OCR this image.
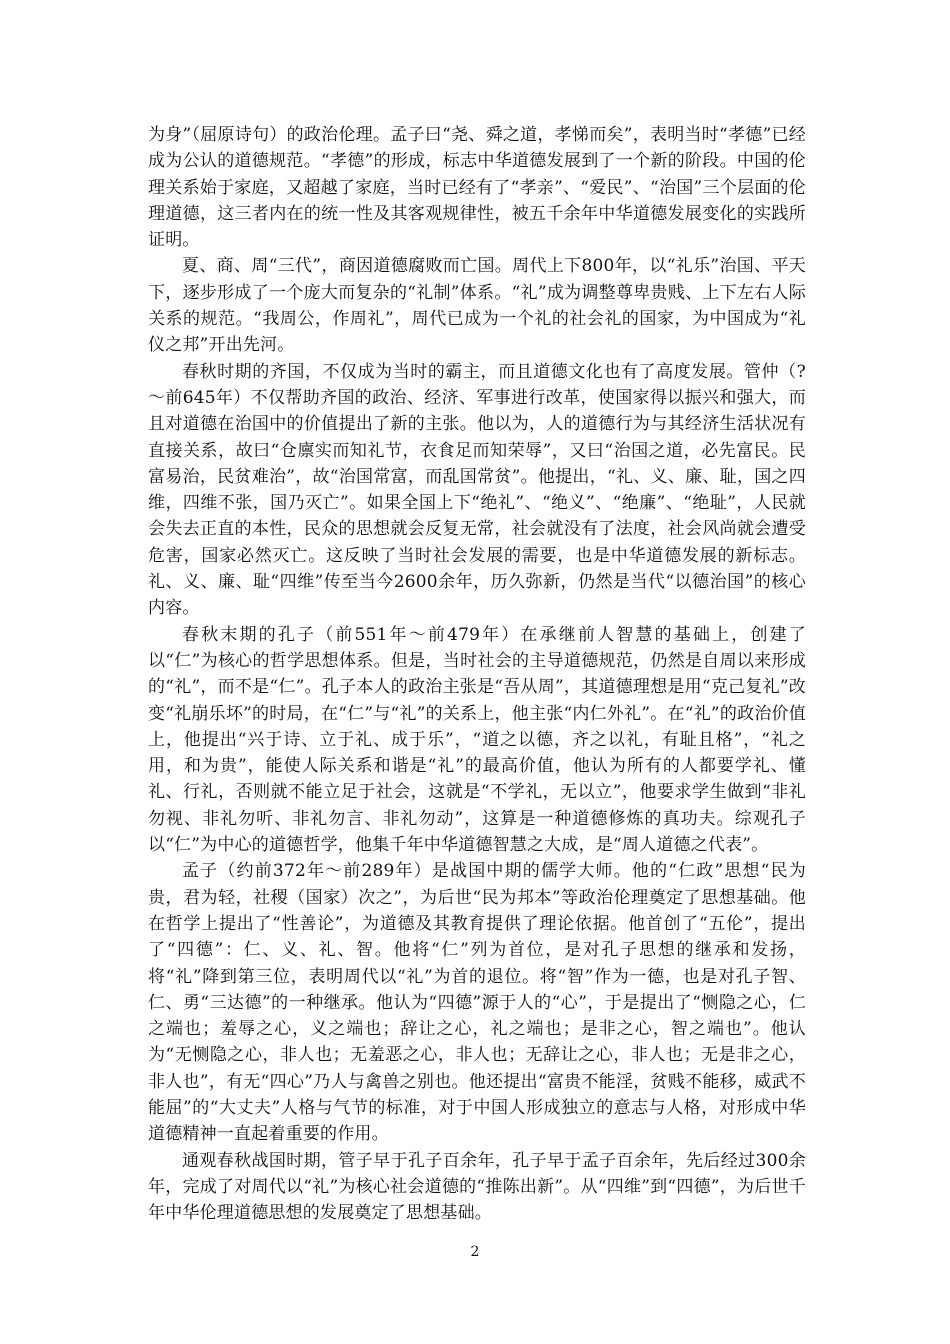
为身”（屈原诗句）的政治伦理。孟子曰“尧、舜之道，孝悌而矣”，表明当时“孝德”已经成为公认的道德规范。“孝德”的形成，标志中华道德发展到了一个新的阶段。中国的伦理关系始于家庭，又超越了家庭，当时已经有了“孝亲”、“爱民”、“治国”三个层面的伦理道德，这三者内在的统一性及其客观规律性，被五千余年中华道德发展变化的实践所证明。

夏、商、周“三代”，商因道德腐败而亡国。周代上下800年，以“礼乐”治国、平天下，逐步形成了一个庞大而复杂的“礼制”体系。“礼”成为调整尊卑贵贱、上下左右人际关系的规范。“我周公，作周礼”，周代已成为一个礼的社会礼的国家，为中国成为“礼仪之邦”开出先河。

春秋时期的齐国，不仅成为当时的霸主，而且道德文化也有了高度发展。管仲（?～前645年）不仅帮助齐国的政治、经济、军事进行改革，使国家得以振兴和强大，而且对道德在治国中的价值提出了新的主张。他以为，人的道德行为与其经济生活状况有直接关系，故曰“仓廪实而知礼节，衣食足而知荣辱”，又曰“治国之道，必先富民。民富易治，民贫难治”，故“治国常富，而乱国常贫”。他提出，“礼、义、廉、耻，国之四维，四维不张，国乃灭亡”。如果全国上下“绝礼”、“绝义”、“绝廉”、“绝耻”，人民就会失去正直的本性，民众的思想就会反复无常，社会就没有了法度，社会风尚就会遭受危害，国家必然灭亡。这反映了当时社会发展的需要，也是中华道德发展的新标志。礼、义、廉、耻“四维”传至当今2600余年，历久弥新，仍然是当代“以德治国”的核心内容。

春秋末期的孔子（前551年～前479年）在承继前人智慧的基础上，创建了以“仁”为核心的哲学思想体系。但是，当时社会的主导道德规范，仍然是自周以来形成的“礼”，而不是“仁”。孔子本人的政治主张是“吾从周”，其道德理想是用“克己复礼”改变“礼崩乐坏”的时局，在“仁”与“礼”的关系上，他主张“内仁外礼”。在“礼”的政治价值上，他提出“兴于诗、立于礼、成于乐”，“道之以德，齐之以礼，有耻且格”，“礼之用，和为贵”，能使人际关系和谐是“礼”的最高价值，他认为所有的人都要学礼、懂礼、行礼，否则就不能立足于社会，这就是“不学礼，无以立”，他要求学生做到“非礼勿视、非礼勿听、非礼勿言、非礼勿动”，这算是一种道德修炼的真功夫。综观孔子以“仁”为中心的道德哲学，他集千年中华道德智慧之大成，是“周人道德之代表”。

孟子（约前372年～前289年）是战国中期的儒学大师。他的“仁政”思想“民为贵，君为轻，社稷（国家）次之”，为后世“民为邦本”等政治伦理奠定了思想基础。他在哲学上提出了“性善论”，为道德及其教育提供了理论依据。他首创了“五伦”，提出了“四德”：仁、义、礼、智。他将“仁”列为首位，是对孔子思想的继承和发扬，将“礼”降到第三位，表明周代以“礼”为首的退位。将“智”作为一德，也是对孔子智、仁、勇“三达德”的一种继承。他认为“四德”源于人的“心”，于是提出了“恻隐之心，仁之端也；羞辱之心，义之端也；辞让之心，礼之端也；是非之心，智之端也”。他认为“无恻隐之心，非人也；无羞恶之心，非人也；无辞让之心，非人也；无是非之心，非人也”，有无“四心”乃人与禽兽之别也。他还提出“富贵不能淫，贫贱不能移，威武不能屈”的“大丈夫”人格与气节的标准，对于中国人形成独立的意志与人格，对形成中华道德精神一直起着重要的作用。

通观春秋战国时期，管子早于孔子百余年，孔子早于孟子百余年，先后经过300余年，完成了对周代以“礼”为核心社会道德的“推陈出新”。从“四维”到“四德”，为后世千年中华伦理道德思想的发展奠定了思想基础。

2
